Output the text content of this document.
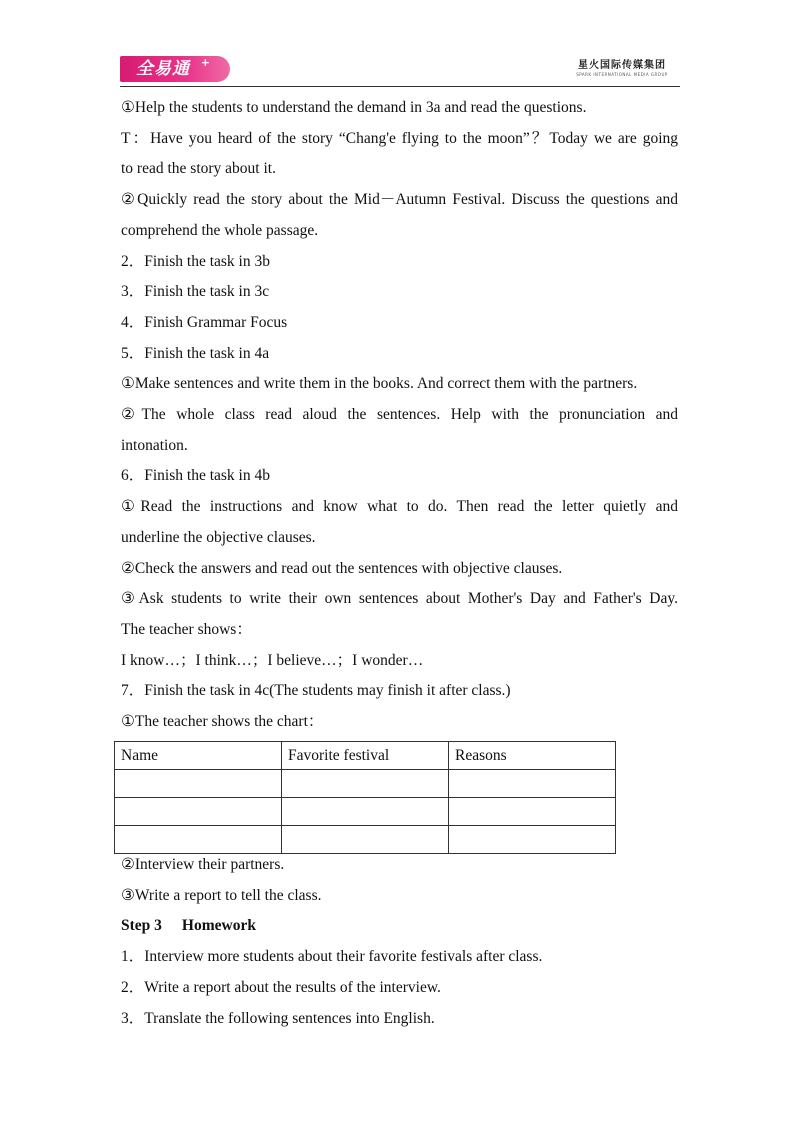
全易通 +	星火国际传媒集团
SPARK INTERNATIONAL MEDIA GROUP
①Help the students to understand the demand in 3a and read the questions.
T：Have you heard of the story “Chang'e flying to the moon”？Today we are going
to read the story about it.
②Quickly read the story about the Mid－Autumn Festival. Discuss the questions and
comprehend the whole passage.
2．Finish the task in 3b
3．Finish the task in 3c
4．Finish Grammar Focus
5．Finish the task in 4a
①Make sentences and write them in the books. And correct them with the partners.
②The whole class read aloud the sentences. Help with the pronunciation and
intonation.
6．Finish the task in 4b
①Read the instructions and know what to do. Then read the letter quietly and
underline the objective clauses.
②Check the answers and read out the sentences with objective clauses.
③Ask students to write their own sentences about Mother's Day and Father's Day.
The teacher shows：
I know…；I think…；I believe…；I wonder…
7．Finish the task in 4c(The students may finish it after class.)
①The teacher shows the chart：
Name	Favorite festival	Reasons

②Interview their partners.
③Write a report to tell the class.
Step 3 Homework
1．Interview more students about their favorite festivals after class.
2．Write a report about the results of the interview.
3．Translate the following sentences into English.
